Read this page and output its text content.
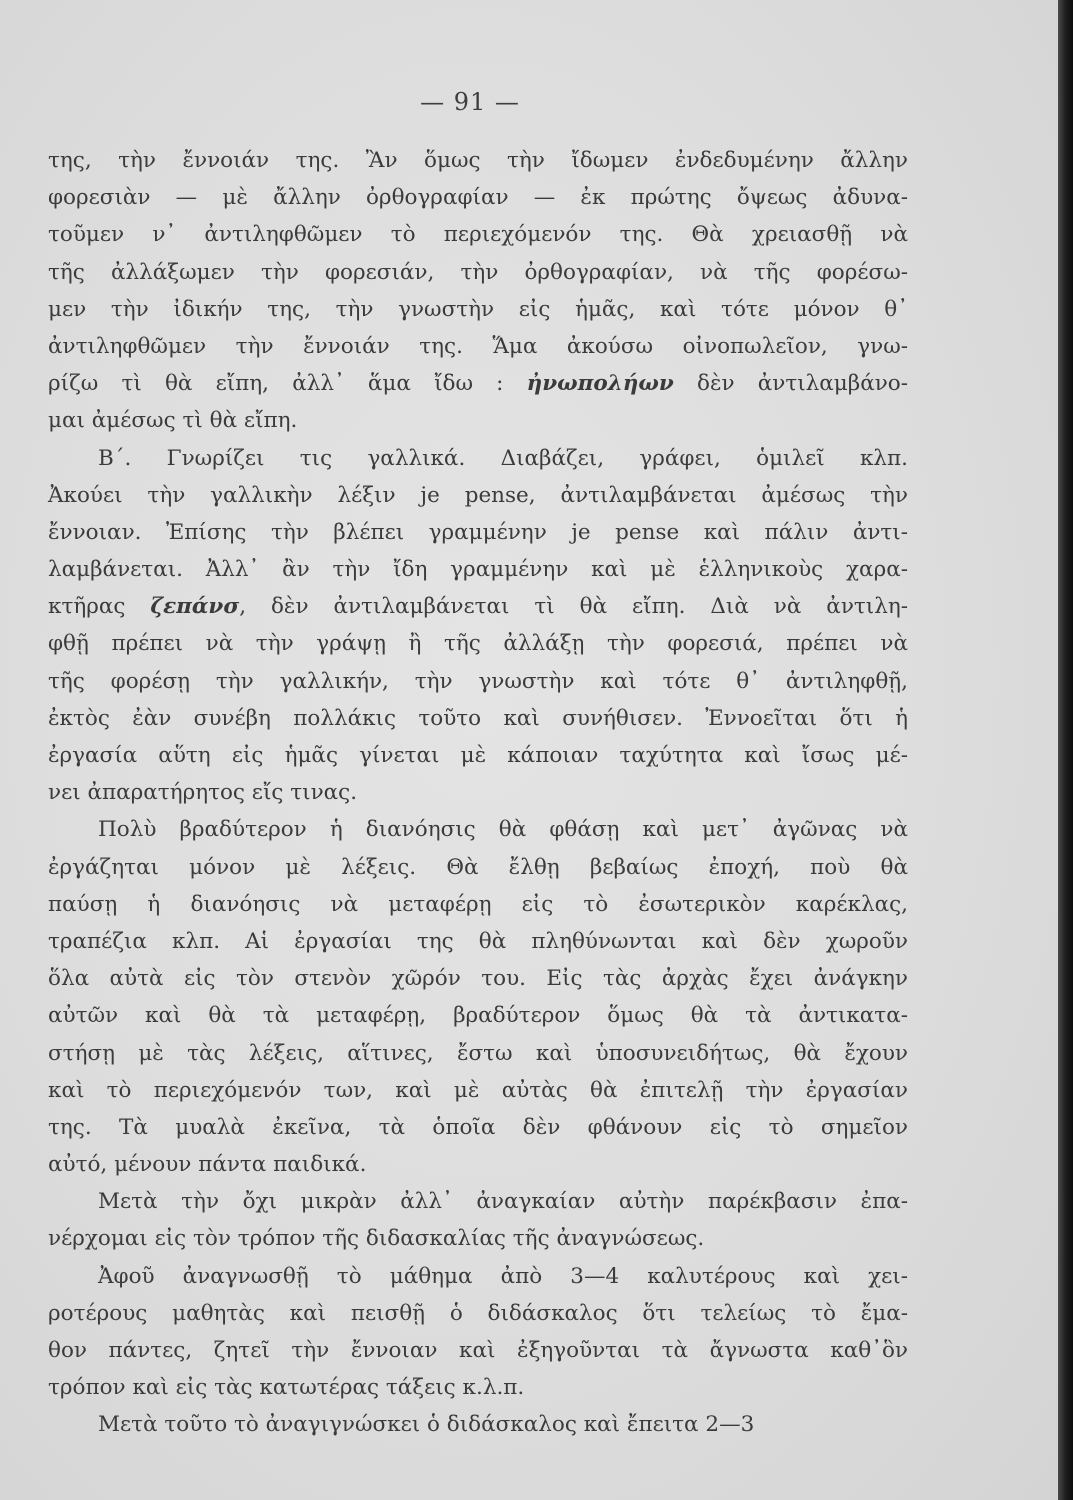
— 91 —
της, τὴν ἔννοιάν της. Ἂν ὅμως τὴν ἴδωμεν ἐνδεδυμένην ἄλλην
φορεσιὰν — μὲ ἄλλην ὀρθογραφίαν — ἐκ πρώτης ὄψεως ἀδυνα-
τοῦμεν ν᾿ ἀντιληφθῶμεν τὸ περιεχόμενόν της. Θὰ χρειασθῇ νὰ
τῆς ἀλλάξωμεν τὴν φορεσιάν, τὴν ὀρθογραφίαν, νὰ τῆς φορέσω-
μεν τὴν ἰδικήν της, τὴν γνωστὴν εἰς ἡμᾶς, καὶ τότε μόνον θ᾿
ἀντιληφθῶμεν τὴν ἔννοιάν της. Ἅμα ἀκούσω οἰνοπωλεῖον, γνω-
ρίζω τὶ θὰ εἴπη, ἀλλ᾿ ἅμα ἴδω : ἠνωπολήων δὲν ἀντιλαμβάνο-
μαι ἀμέσως τὶ θὰ εἴπη.
Β΄. Γνωρίζει τις γαλλικά. Διαβάζει, γράφει, ὁμιλεῖ κλπ.
Ἀκούει τὴν γαλλικὴν λέξιν je pense, ἀντιλαμβάνεται ἀμέσως τὴν
ἔννοιαν. Ἐπίσης τὴν βλέπει γραμμένην je pense καὶ πάλιν ἀντι-
λαμβάνεται. Ἀλλ᾿ ἂν τὴν ἴδη γραμμένην καὶ μὲ ἑλληνικοὺς χαρα-
κτῆρας ζεπάνσ, δὲν ἀντιλαμβάνεται τὶ θὰ εἴπη. Διὰ νὰ ἀντιλη-
φθῇ πρέπει νὰ τὴν γράψῃ ἢ τῆς ἀλλάξῃ τὴν φορεσιά, πρέπει νὰ
τῆς φορέσῃ τὴν γαλλικήν, τὴν γνωστὴν καὶ τότε θ᾿ ἀντιληφθῇ,
ἐκτὸς ἐὰν συνέβη πολλάκις τοῦτο καὶ συνήθισεν. Ἐννοεῖται ὅτι ἡ
ἐργασία αὕτη εἰς ἡμᾶς γίνεται μὲ κάποιαν ταχύτητα καὶ ἴσως μέ-
νει ἀπαρατήρητος εἴς τινας.
Πολὺ βραδύτερον ἡ διανόησις θὰ φθάσῃ καὶ μετ᾿ ἀγῶνας νὰ
ἐργάζηται μόνον μὲ λέξεις. Θὰ ἔλθῃ βεβαίως ἐποχή, ποὺ θὰ
παύσῃ ἡ διανόησις νὰ μεταφέρῃ εἰς τὸ ἐσωτερικὸν καρέκλας,
τραπέζια κλπ. Αἱ ἐργασίαι της θὰ πληθύνωνται καὶ δὲν χωροῦν
ὅλα αὐτὰ εἰς τὸν στενὸν χῶρόν του. Εἰς τὰς ἀρχὰς ἔχει ἀνάγκην
αὐτῶν καὶ θὰ τὰ μεταφέρῃ, βραδύτερον ὅμως θὰ τὰ ἀντικατα-
στήσῃ μὲ τὰς λέξεις, αἵτινες, ἔστω καὶ ὑποσυνειδήτως, θὰ ἔχουν
καὶ τὸ περιεχόμενόν των, καὶ μὲ αὐτὰς θὰ ἐπιτελῇ τὴν ἐργασίαν
της. Τὰ μυαλὰ ἐκεῖνα, τὰ ὁποῖα δὲν φθάνουν εἰς τὸ σημεῖον
αὐτό, μένουν πάντα παιδικά.
Μετὰ τὴν ὄχι μικρὰν ἀλλ᾿ ἀναγκαίαν αὐτὴν παρέκβασιν ἐπα-
νέρχομαι εἰς τὸν τρόπον τῆς διδασκαλίας τῆς ἀναγνώσεως.
Ἀφοῦ ἀναγνωσθῇ τὸ μάθημα ἀπὸ 3—4 καλυτέρους καὶ χει-
ροτέρους μαθητὰς καὶ πεισθῇ ὁ διδάσκαλος ὅτι τελείως τὸ ἔμα-
θον πάντες, ζητεῖ τὴν ἔννοιαν καὶ ἐξηγοῦνται τὰ ἄγνωστα καθ᾿ὃν
τρόπον καὶ εἰς τὰς κατωτέρας τάξεις κ.λ.π.
Μετὰ τοῦτο τὸ ἀναγιγνώσκει ὁ διδάσκαλος καὶ ἔπειτα 2—3
